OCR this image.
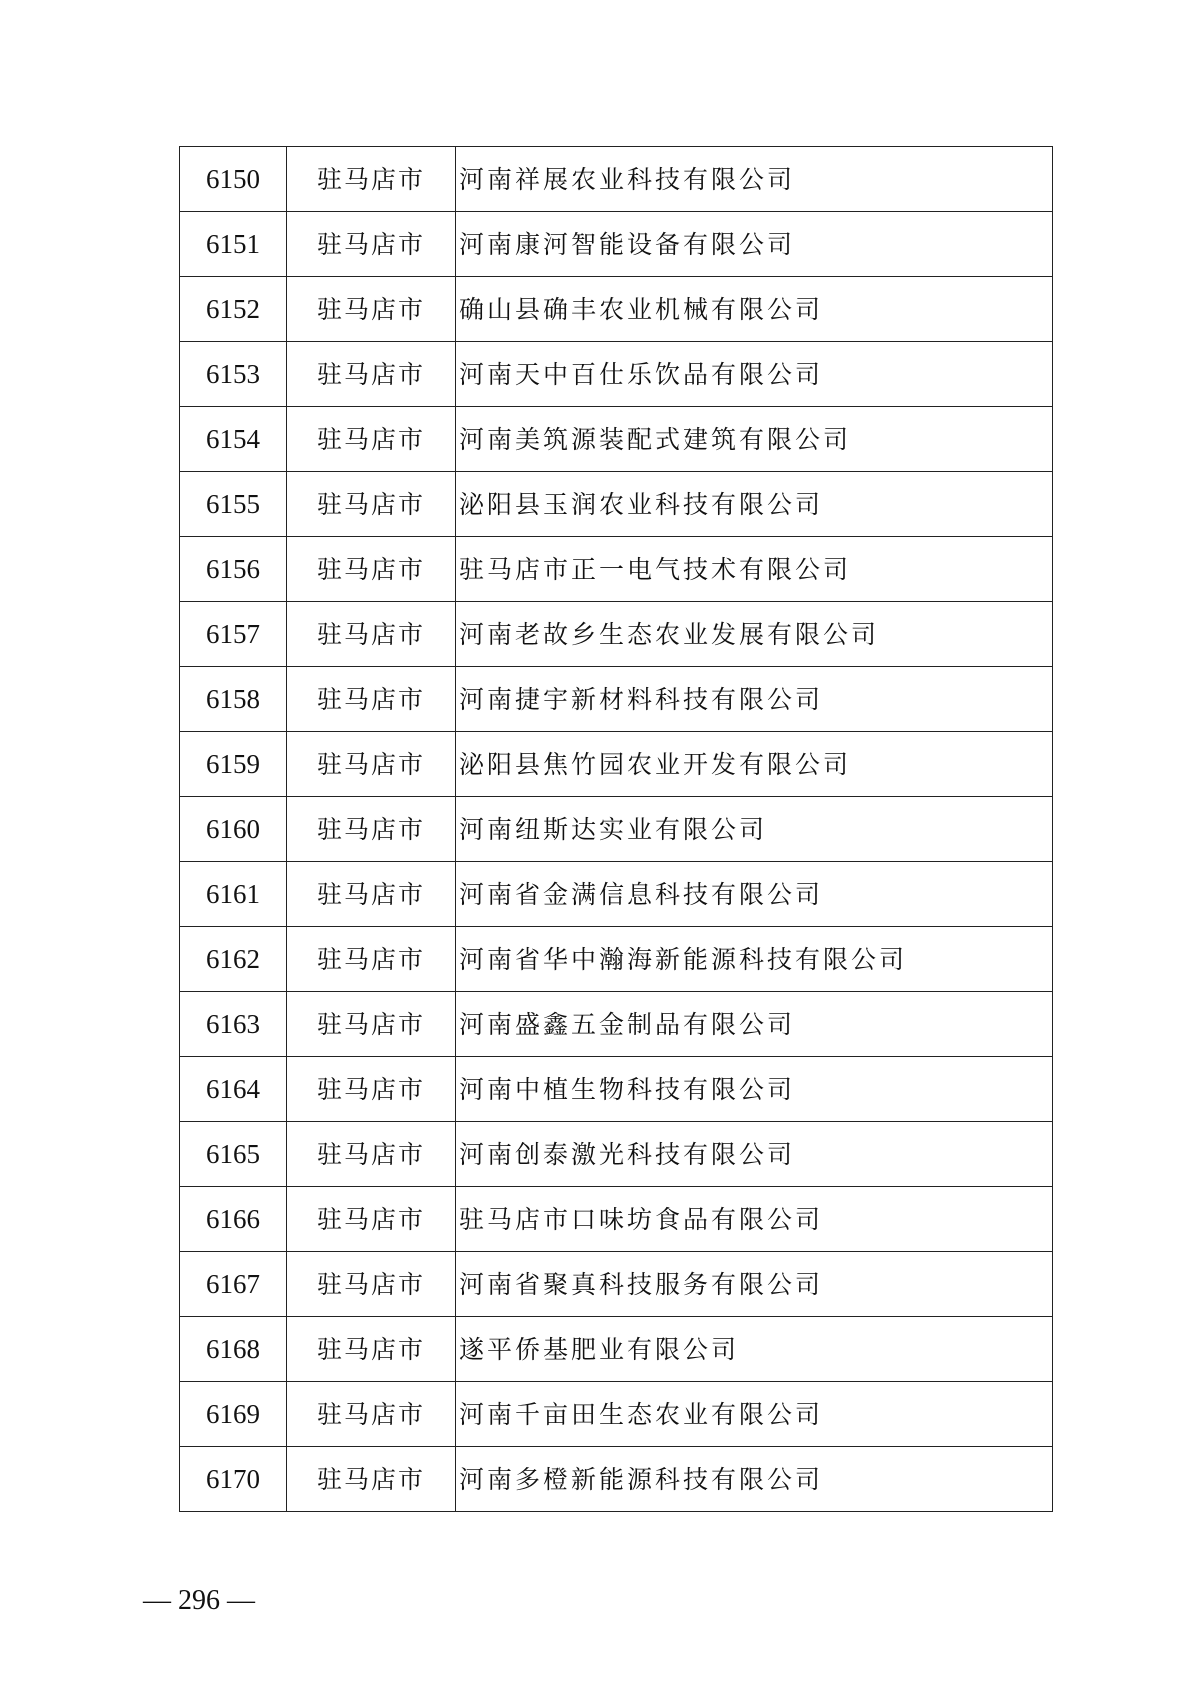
6150	驻马店市	河南祥展农业科技有限公司
6151	驻马店市	河南康河智能设备有限公司
6152	驻马店市	确山县确丰农业机械有限公司
6153	驻马店市	河南天中百仕乐饮品有限公司
6154	驻马店市	河南美筑源装配式建筑有限公司
6155	驻马店市	泌阳县玉润农业科技有限公司
6156	驻马店市	驻马店市正一电气技术有限公司
6157	驻马店市	河南老故乡生态农业发展有限公司
6158	驻马店市	河南捷宇新材料科技有限公司
6159	驻马店市	泌阳县焦竹园农业开发有限公司
6160	驻马店市	河南纽斯达实业有限公司
6161	驻马店市	河南省金满信息科技有限公司
6162	驻马店市	河南省华中瀚海新能源科技有限公司
6163	驻马店市	河南盛鑫五金制品有限公司
6164	驻马店市	河南中植生物科技有限公司
6165	驻马店市	河南创泰激光科技有限公司
6166	驻马店市	驻马店市口味坊食品有限公司
6167	驻马店市	河南省聚真科技服务有限公司
6168	驻马店市	遂平侨基肥业有限公司
6169	驻马店市	河南千亩田生态农业有限公司
6170	驻马店市	河南多橙新能源科技有限公司
— 296 —
